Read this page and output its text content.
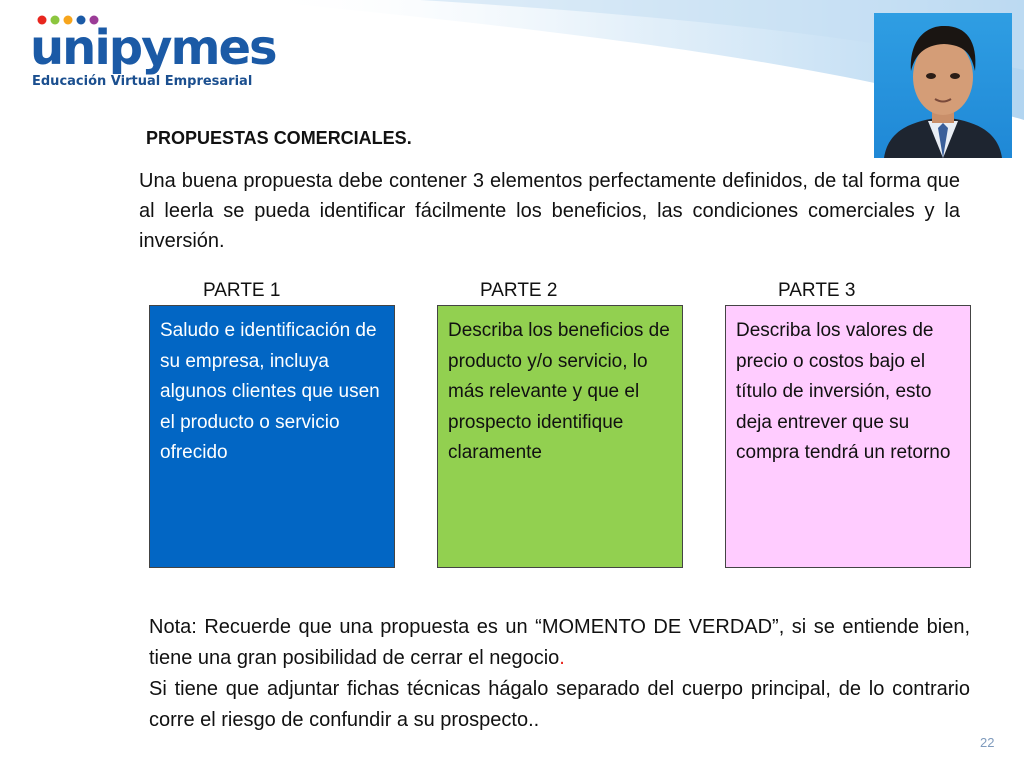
unipymes
Educación Virtual Empresarial
PROPUESTAS COMERCIALES.

Una buena propuesta debe contener 3 elementos perfectamente definidos, de tal forma que al leerla se pueda identificar fácilmente los beneficios, las condiciones comerciales y la inversión.

PARTE 1	PARTE 2	PARTE 3
Saludo e identificación de su empresa, incluya algunos clientes que usen el producto o servicio ofrecido
Describa los beneficios de producto y/o servicio, lo más relevante y que el prospecto identifique claramente
Describa los valores de precio o costos bajo el título de inversión, esto deja entrever que su compra tendrá un retorno

Nota: Recuerde que una propuesta es un “MOMENTO DE VERDAD”, si se entiende bien, tiene una gran posibilidad de cerrar el negocio.
Si tiene que adjuntar fichas técnicas hágalo separado del cuerpo principal, de lo contrario corre el riesgo de confundir a su prospecto..

22
